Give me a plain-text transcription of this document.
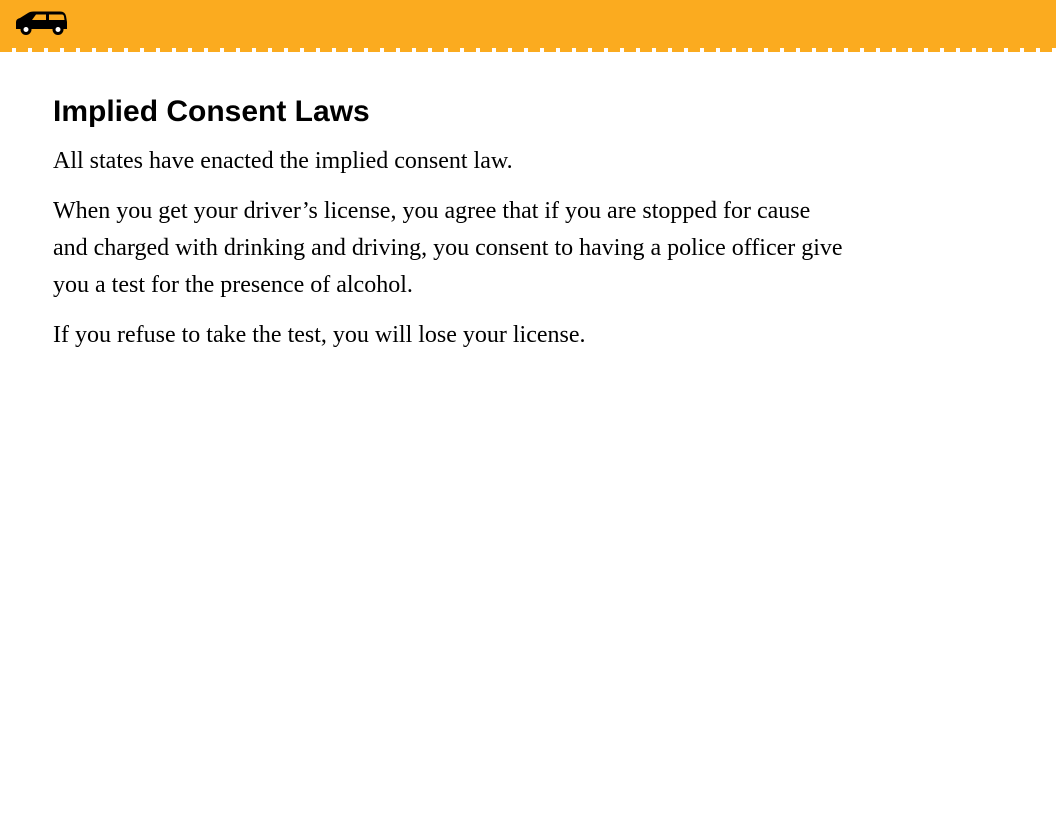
Implied Consent Laws

All states have enacted the implied consent law.

When you get your driver’s license, you agree that if you are stopped for cause and charged with drinking and driving, you consent to having a police officer give you a test for the presence of alcohol.

If you refuse to take the test, you will lose your license.
